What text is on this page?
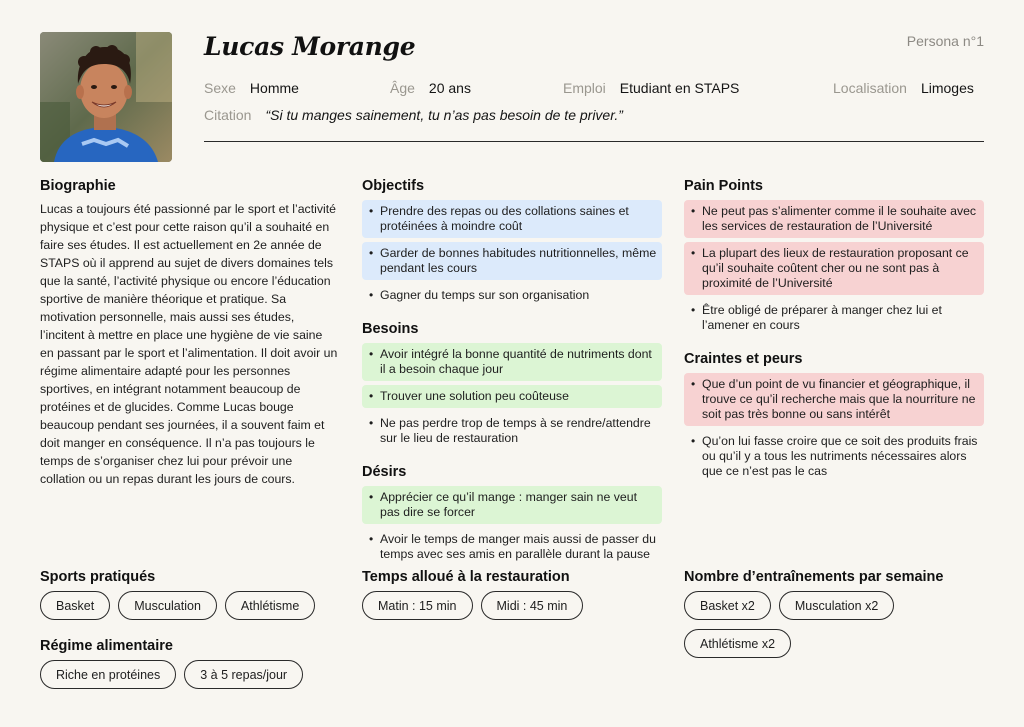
Lucas Morange	Persona n°1
Sexe Homme	Âge 20 ans	Emploi Etudiant en STAPS	Localisation Limoges
Citation “Si tu manges sainement, tu n’as pas besoin de te priver.”
Biographie

Lucas a toujours été passionné par le sport et l’activité physique et c’est pour cette raison qu’il a souhaité en faire ses études. Il est actuellement en 2e année de STAPS où il apprend au sujet de divers domaines tels que la santé, l’activité physique ou encore l’éducation sportive de manière théorique et pratique. Sa motivation personnelle, mais aussi ses études, l’incitent à mettre en place une hygiène de vie saine en passant par le sport et l’alimentation. Il doit avoir un régime alimentaire adapté pour les personnes sportives, en intégrant notamment beaucoup de protéines et de glucides. Comme Lucas bouge beaucoup pendant ses journées, il a souvent faim et doit manger en conséquence. Il n’a pas toujours le temps de s’organiser chez lui pour prévoir une collation ou un repas durant les jours de cours.

Objectifs
• Prendre des repas ou des collations saines et protéinées à moindre coût
• Garder de bonnes habitudes nutritionnelles, même pendant les cours
• Gagner du temps sur son organisation
Besoins
• Avoir intégré la bonne quantité de nutriments dont il a besoin chaque jour
• Trouver une solution peu coûteuse
• Ne pas perdre trop de temps à se rendre/attendre sur le lieu de restauration
Désirs
• Apprécier ce qu’il mange : manger sain ne veut pas dire se forcer
• Avoir le temps de manger mais aussi de passer du temps avec ses amis en parallèle durant la pause
Pain Points
• Ne peut pas s’alimenter comme il le souhaite avec les services de restauration de l’Université
• La plupart des lieux de restauration proposant ce qu’il souhaite coûtent cher ou ne sont pas à proximité de l’Université
• Être obligé de préparer à manger chez lui et l’amener en cours
Craintes et peurs
• Que d’un point de vu financier et géographique, il trouve ce qu’il recherche mais que la nourriture ne soit pas très bonne ou sans intérêt
• Qu’on lui fasse croire que ce soit des produits frais ou qu’il y a tous les nutriments nécessaires alors que ce n’est pas le cas
Sports pratiqués
Basket	Musculation	Athlétisme
Régime alimentaire
Riche en protéines	3 à 5 repas/jour
Temps alloué à la restauration
Matin : 15 min	Midi : 45 min
Nombre d’entraînements par semaine
Basket x2	Musculation x2
Athlétisme x2
